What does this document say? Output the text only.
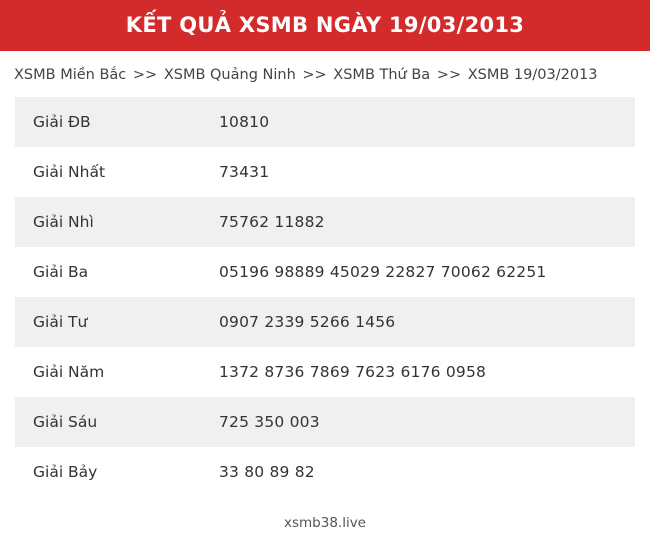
KẾT QUẢ XSMB NGÀY 19/03/2013
XSMB Miền Bắc >> XSMB Quảng Ninh >> XSMB Thứ Ba >> XSMB 19/03/2013
Giải ĐB	10810
Giải Nhất	73431
Giải Nhì	75762 11882
Giải Ba	05196 98889 45029 22827 70062 62251
Giải Tư	0907 2339 5266 1456
Giải Năm	1372 8736 7869 7623 6176 0958
Giải Sáu	725 350 003
Giải Bảy	33 80 89 82
xsmb38.live
